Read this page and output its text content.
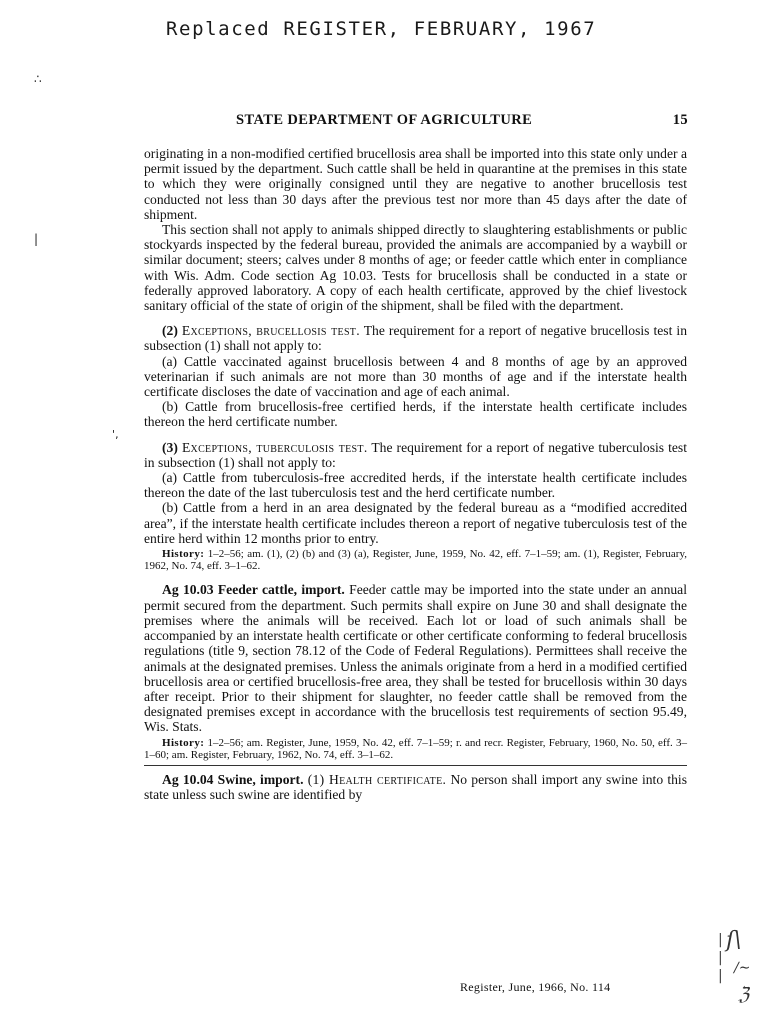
Replaced REGISTER, FEBRUARY, 1967
STATE DEPARTMENT OF AGRICULTURE	15

originating in a non-modified certified brucellosis area shall be imported into this state only under a permit issued by the department. Such cattle shall be held in quarantine at the premises in this state to which they were originally consigned until they are negative to another brucellosis test conducted not less than 30 days after the previous test nor more than 45 days after the date of shipment.

This section shall not apply to animals shipped directly to slaughtering establishments or public stockyards inspected by the federal bureau, provided the animals are accompanied by a waybill or similar document; steers; calves under 8 months of age; or feeder cattle which enter in compliance with Wis. Adm. Code section Ag 10.03. Tests for brucellosis shall be conducted in a state or federally approved laboratory. A copy of each health certificate, approved by the chief livestock sanitary official of the state of origin of the shipment, shall be filed with the department.

(2) Exceptions, brucellosis test. The requirement for a report of negative brucellosis test in subsection (1) shall not apply to:

(a) Cattle vaccinated against brucellosis between 4 and 8 months of age by an approved veterinarian if such animals are not more than 30 months of age and if the interstate health certificate discloses the date of vaccination and age of each animal.

(b) Cattle from brucellosis-free certified herds, if the interstate health certificate includes thereon the herd certificate number.

(3) Exceptions, tuberculosis test. The requirement for a report of negative tuberculosis test in subsection (1) shall not apply to:

(a) Cattle from tuberculosis-free accredited herds, if the interstate health certificate includes thereon the date of the last tuberculosis test and the herd certificate number.

(b) Cattle from a herd in an area designated by the federal bureau as a “modified accredited area”, if the interstate health certificate includes thereon a report of negative tuberculosis test of the entire herd within 12 months prior to entry.

History: 1–2–56; am. (1), (2) (b) and (3) (a), Register, June, 1959, No. 42, eff. 7–1–59; am. (1), Register, February, 1962, No. 74, eff. 3–1–62.

Ag 10.03 Feeder cattle, import. Feeder cattle may be imported into the state under an annual permit secured from the department. Such permits shall expire on June 30 and shall designate the premises where the animals will be received. Each lot or load of such animals shall be accompanied by an interstate health certificate or other certificate conforming to federal brucellosis regulations (title 9, section 78.12 of the Code of Federal Regulations). Permittees shall receive the animals at the designated premises. Unless the animals originate from a herd in a modified certified brucellosis area or certified brucellosis-free area, they shall be tested for brucellosis within 30 days after receipt. Prior to their shipment for slaughter, no feeder cattle shall be removed from the designated premises except in accordance with the brucellosis test requirements of section 95.49, Wis. Stats.

History: 1–2–56; am. Register, June, 1959, No. 42, eff. 7–1–59; r. and recr. Register, February, 1960, No. 50, eff. 3–1–60; am. Register, February, 1962, No. 74, eff. 3–1–62.

Ag 10.04 Swine, import. (1) Health certificate. No person shall import any swine into this state unless such swine are identified by

Register, June, 1966, No. 114
∴
|
'‚
ſ\
∕∼
ℨ
|
|
|
